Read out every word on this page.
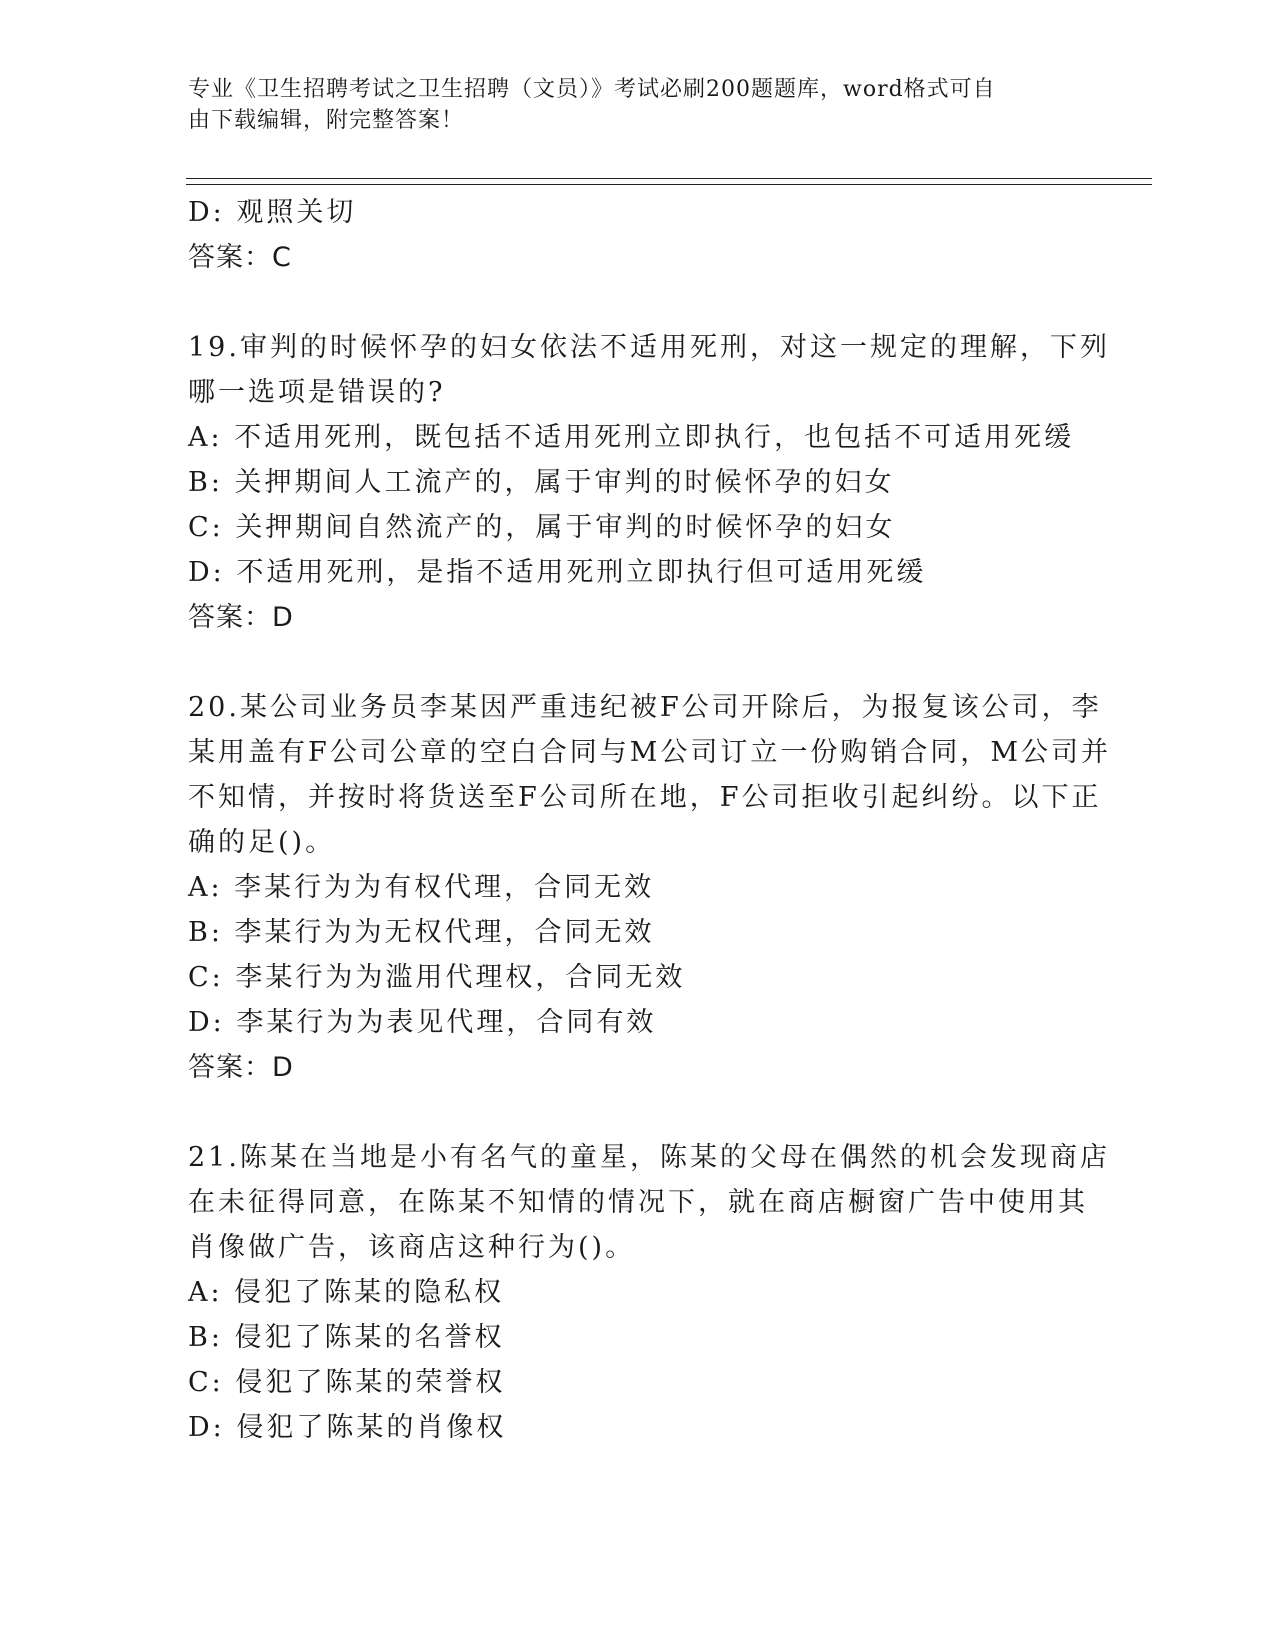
专业《卫生招聘考试之卫生招聘（文员）》考试必刷200题题库，word格式可自
由下载编辑，附完整答案！
D: 观照关切
答案：C
19.审判的时候怀孕的妇女依法不适用死刑，对这一规定的理解，下列
哪一选项是错误的?
A: 不适用死刑，既包括不适用死刑立即执行，也包括不可适用死缓
B: 关押期间人工流产的，属于审判的时候怀孕的妇女
C: 关押期间自然流产的，属于审判的时候怀孕的妇女
D: 不适用死刑，是指不适用死刑立即执行但可适用死缓
答案：D
20.某公司业务员李某因严重违纪被F公司开除后，为报复该公司，李
某用盖有F公司公章的空白合同与M公司订立一份购销合同，M公司并
不知情，并按时将货送至F公司所在地，F公司拒收引起纠纷。以下正
确的足()。
A: 李某行为为有权代理，合同无效
B: 李某行为为无权代理，合同无效
C: 李某行为为滥用代理权，合同无效
D: 李某行为为表见代理，合同有效
答案：D
21.陈某在当地是小有名气的童星，陈某的父母在偶然的机会发现商店
在未征得同意，在陈某不知情的情况下，就在商店橱窗广告中使用其
肖像做广告，该商店这种行为()。
A: 侵犯了陈某的隐私权
B: 侵犯了陈某的名誉权
C: 侵犯了陈某的荣誉权
D: 侵犯了陈某的肖像权
